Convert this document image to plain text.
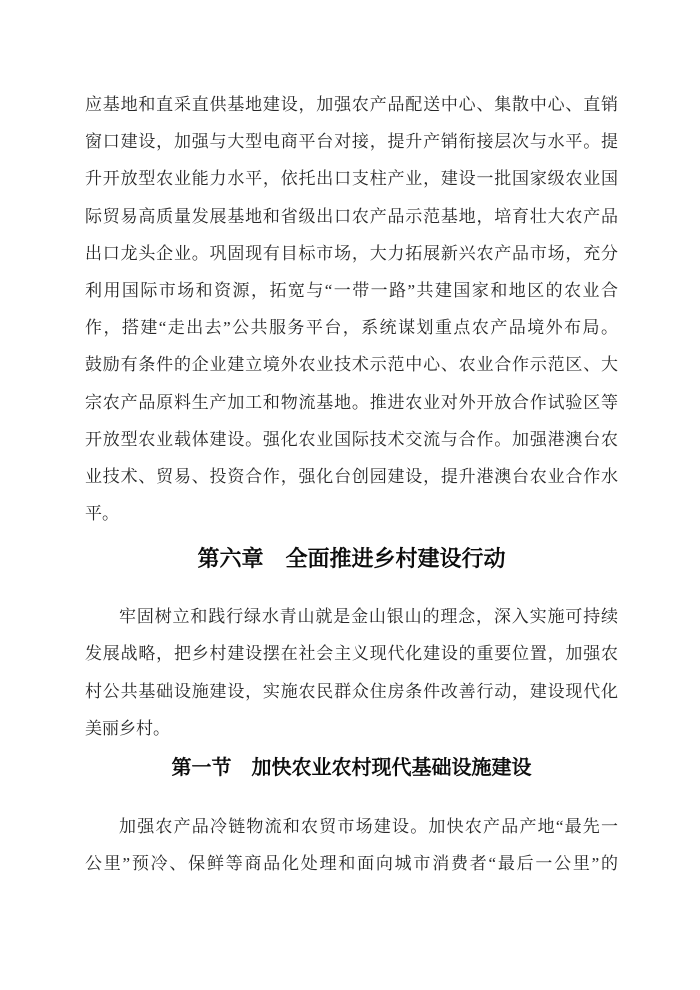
应基地和直采直供基地建设，加强农产品配送中心、集散中心、直销
窗口建设，加强与大型电商平台对接，提升产销衔接层次与水平。提
升开放型农业能力水平，依托出口支柱产业，建设一批国家级农业国
际贸易高质量发展基地和省级出口农产品示范基地，培育壮大农产品
出口龙头企业。巩固现有目标市场，大力拓展新兴农产品市场，充分
利用国际市场和资源，拓宽与“一带一路”共建国家和地区的农业合
作，搭建“走出去”公共服务平台，系统谋划重点农产品境外布局。
鼓励有条件的企业建立境外农业技术示范中心、农业合作示范区、大
宗农产品原料生产加工和物流基地。推进农业对外开放合作试验区等
开放型农业载体建设。强化农业国际技术交流与合作。加强港澳台农
业技术、贸易、投资合作，强化台创园建设，提升港澳台农业合作水
平。
第六章　全面推进乡村建设行动
牢固树立和践行绿水青山就是金山银山的理念，深入实施可持续
发展战略，把乡村建设摆在社会主义现代化建设的重要位置，加强农
村公共基础设施建设，实施农民群众住房条件改善行动，建设现代化
美丽乡村。
第一节　加快农业农村现代基础设施建设
加强农产品冷链物流和农贸市场建设。加快农产品产地“最先一
公里”预冷、保鲜等商品化处理和面向城市消费者“最后一公里”的
